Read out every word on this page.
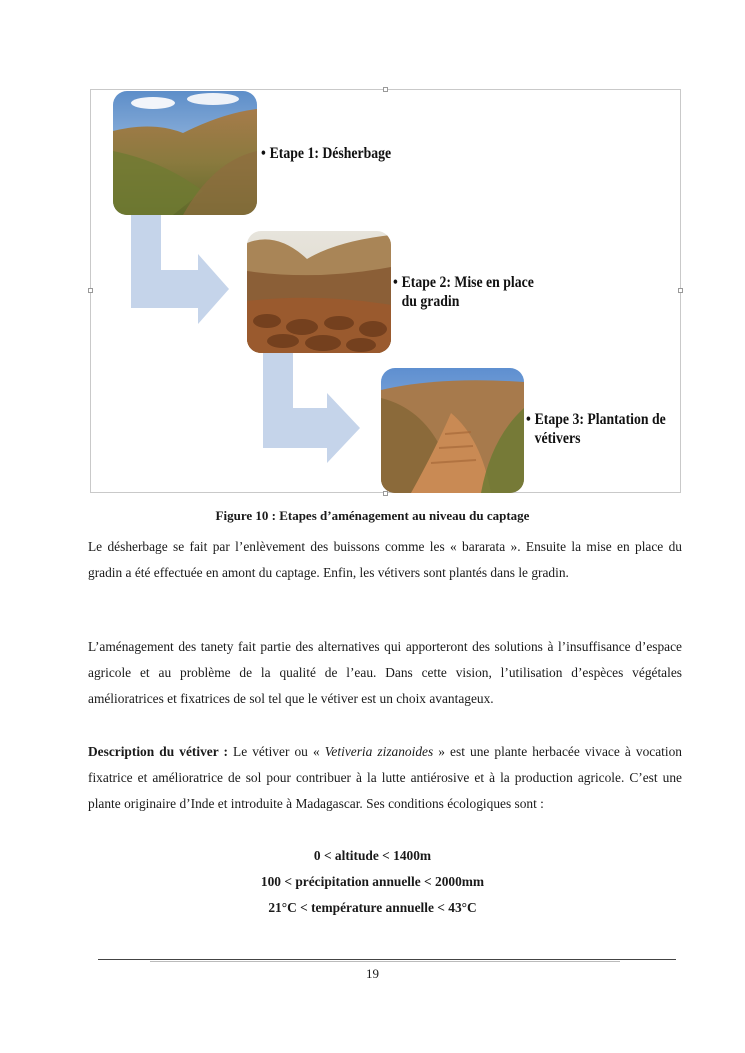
• Etape 1: Désherbage
• Etape 2: Mise en place
du gradin
• Etape 3: Plantation de
vétivers
Figure 10 : Etapes d’aménagement au niveau du captage

Le désherbage se fait par l’enlèvement des buissons comme les « bararata ». Ensuite la mise en place du gradin a été effectuée en amont du captage. Enfin, les vétivers sont plantés dans le gradin.

L’aménagement des tanety fait partie des alternatives qui apporteront des solutions à l’insuffisance d’espace agricole et au problème de la qualité de l’eau. Dans cette vision, l’utilisation d’espèces végétales amélioratrices et fixatrices de sol tel que le vétiver est un choix avantageux.

Description du vétiver : Le vétiver ou « Vetiveria zizanoides » est une plante herbacée vivace à vocation fixatrice et amélioratrice de sol pour contribuer à la lutte antiérosive et à la production agricole. C’est une plante originaire d’Inde et introduite à Madagascar. Ses conditions écologiques sont :

0 < altitude < 1400m
100 < précipitation annuelle < 2000mm
21°C < température annuelle < 43°C
19
